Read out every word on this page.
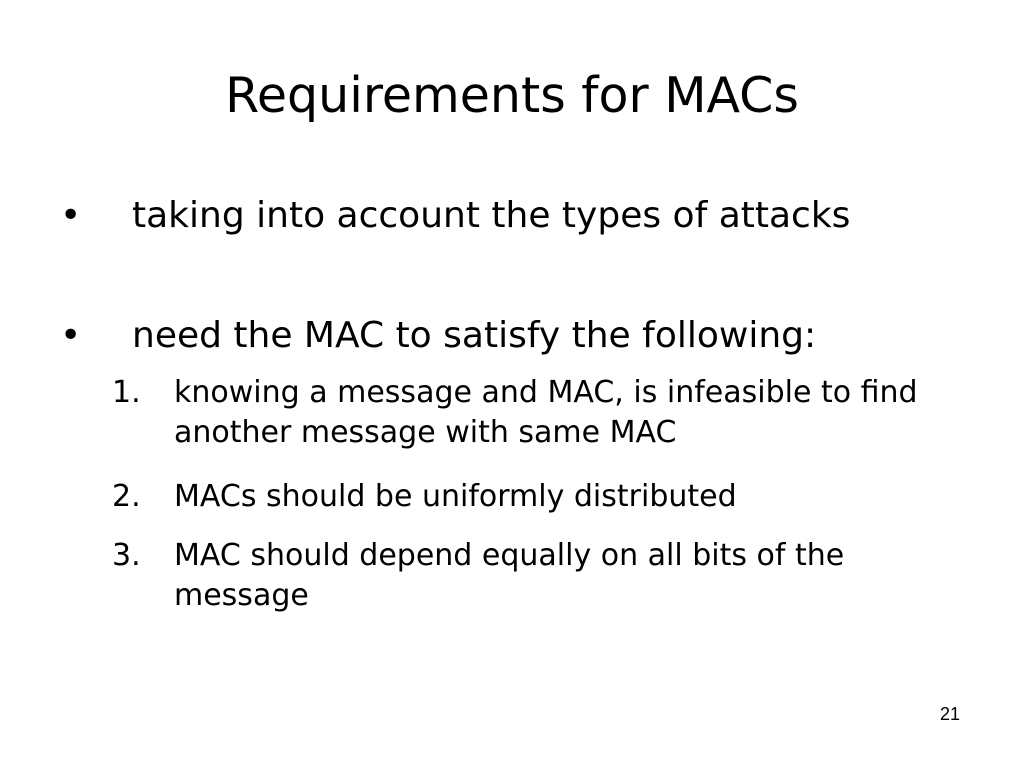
Requirements for MACs
•	taking into account the types of attacks
•	need the MAC to satisfy the following:
1.	knowing a message and MAC, is infeasible to find another message with same MAC
2.	MACs should be uniformly distributed
3.	MAC should depend equally on all bits of the message
21
